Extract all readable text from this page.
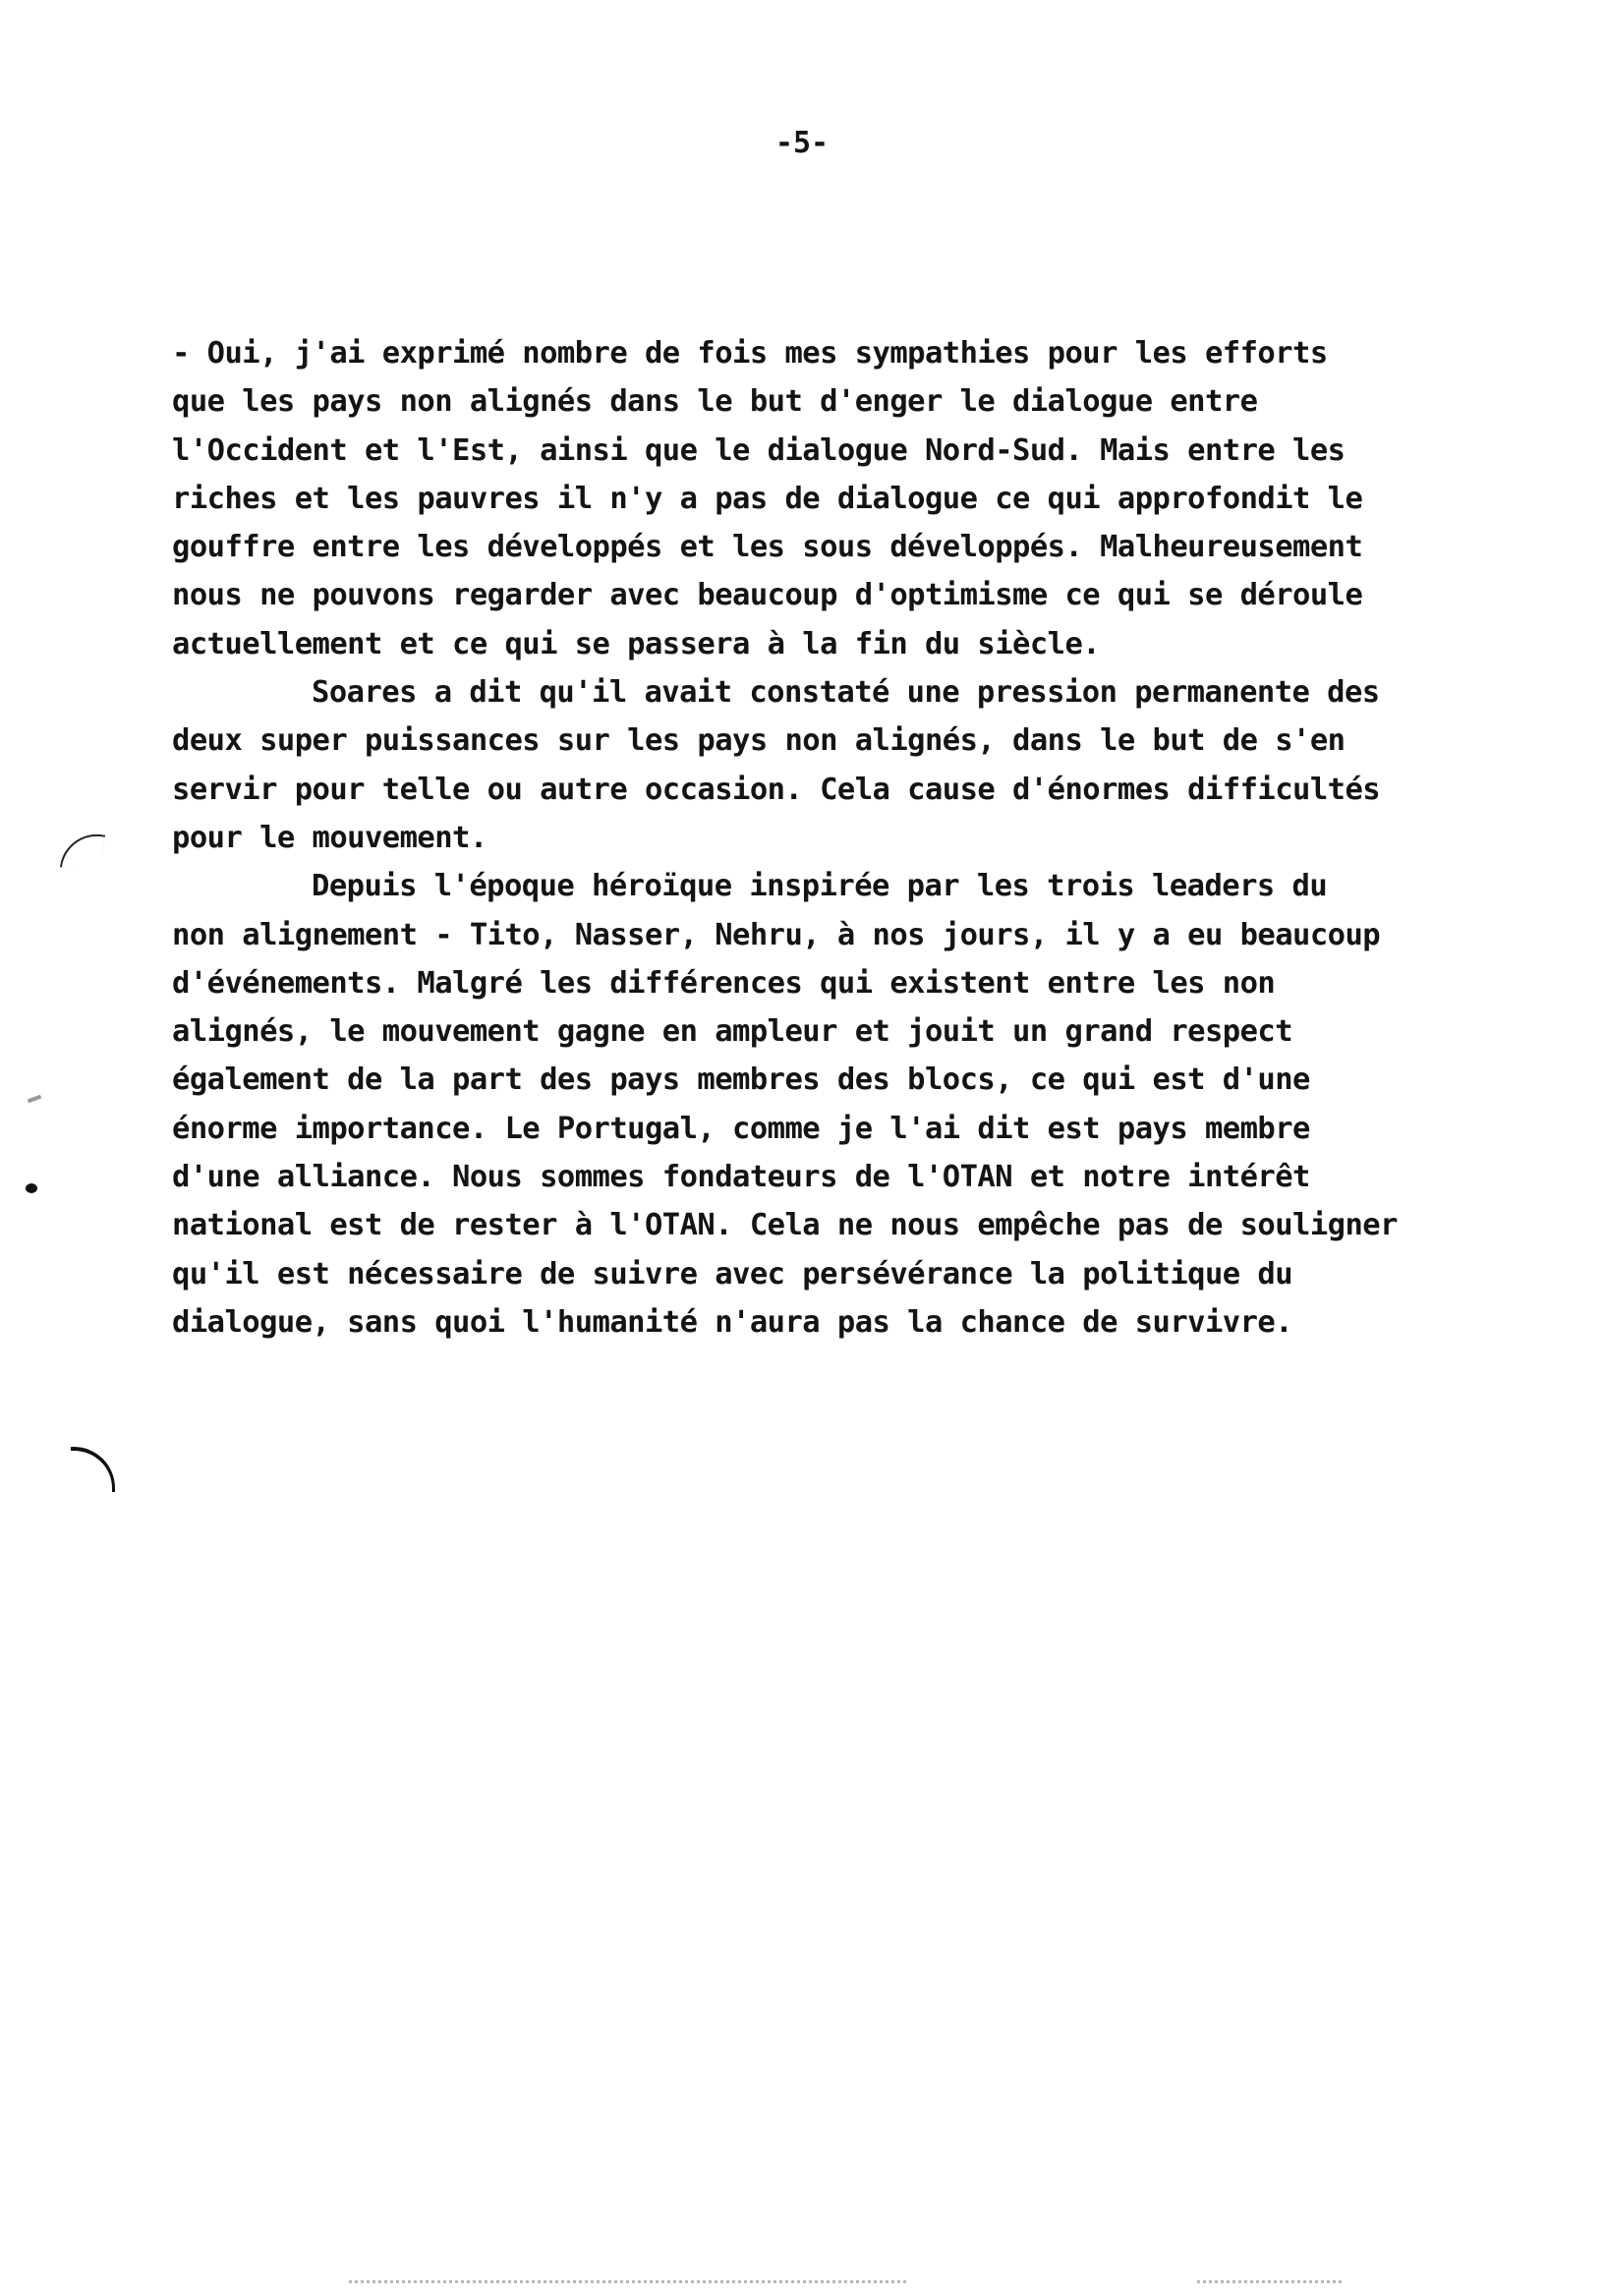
-5-
- Oui, j'ai exprimé nombre de fois mes sympathies pour les efforts
que les pays non alignés dans le but d'enger le dialogue entre
l'Occident et l'Est, ainsi que le dialogue Nord-Sud. Mais entre les
riches et les pauvres il n'y a pas de dialogue ce qui approfondit le
gouffre entre les développés et les sous développés. Malheureusement
nous ne pouvons regarder avec beaucoup d'optimisme ce qui se déroule
actuellement et ce qui se passera à la fin du siècle.
Soares a dit qu'il avait constaté une pression permanente des
deux super puissances sur les pays non alignés, dans le but de s'en
servir pour telle ou autre occasion. Cela cause d'énormes difficultés
pour le mouvement.
Depuis l'époque héroïque inspirée par les trois leaders du
non alignement - Tito, Nasser, Nehru, à nos jours, il y a eu beaucoup
d'événements. Malgré les différences qui existent entre les non
alignés, le mouvement gagne en ampleur et jouit un grand respect
également de la part des pays membres des blocs, ce qui est d'une
énorme importance. Le Portugal, comme je l'ai dit est pays membre
d'une alliance. Nous sommes fondateurs de l'OTAN et notre intérêt
national est de rester à l'OTAN. Cela ne nous empêche pas de souligner
qu'il est nécessaire de suivre avec persévérance la politique du
dialogue, sans quoi l'humanité n'aura pas la chance de survivre.
